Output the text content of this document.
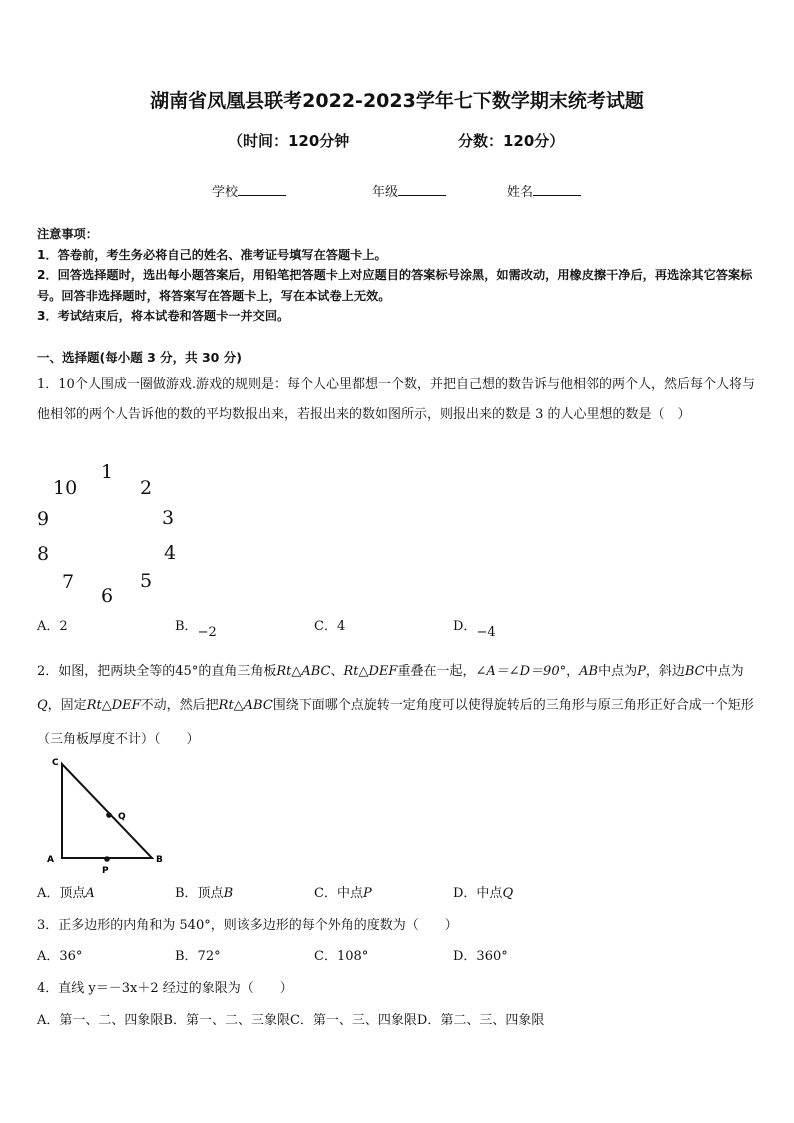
湖南省凤凰县联考2022-2023学年七下数学期末统考试题
（时间：120分钟	分数：120分）
学校	年级	姓名
注意事项：
1．答卷前，考生务必将自己的姓名、准考证号填写在答题卡上。
2．回答选择题时，选出每小题答案后，用铅笔把答题卡上对应题目的答案标号涂黑，如需改动，用橡皮擦干净后，再选涂其它答案标号。回答非选择题时，将答案写在答题卡上，写在本试卷上无效。
3．考试结束后，将本试卷和答题卡一并交回。
一、选择题(每小题 3 分，共 30 分)
1．10个人围成一圈做游戏.游戏的规则是：每个人心里都想一个数，并把自己想的数告诉与他相邻的两个人，然后每个人将与他相邻的两个人告诉他的数的平均数报出来，若报出来的数如图所示，则报出来的数是 3 的人心里想的数是（　）
1
2
3
4
5
6
7
8
9
10
A．2	B．−2	C．4	D．−4
2．如图，把两块全等的45°的直角三角板Rt△ABC、Rt△DEF重叠在一起，∠A＝∠D＝90°，AB中点为P，斜边BC中点为Q，固定Rt△DEF不动，然后把Rt△ABC围绕下面哪个点旋转一定角度可以使得旋转后的三角形与原三角形正好合成一个矩形（三角板厚度不计）（　　）
C
Q
A
P
B
A．顶点A	B．顶点B	C．中点P	D．中点Q
3．正多边形的内角和为 540°，则该多边形的每个外角的度数为（　　）
A．36°	B．72°	C．108°	D．360°
4．直线 y＝－3x＋2 经过的象限为（　　）
A．第一、二、四象限B．第一、二、三象限C．第一、三、四象限D．第二、三、四象限
